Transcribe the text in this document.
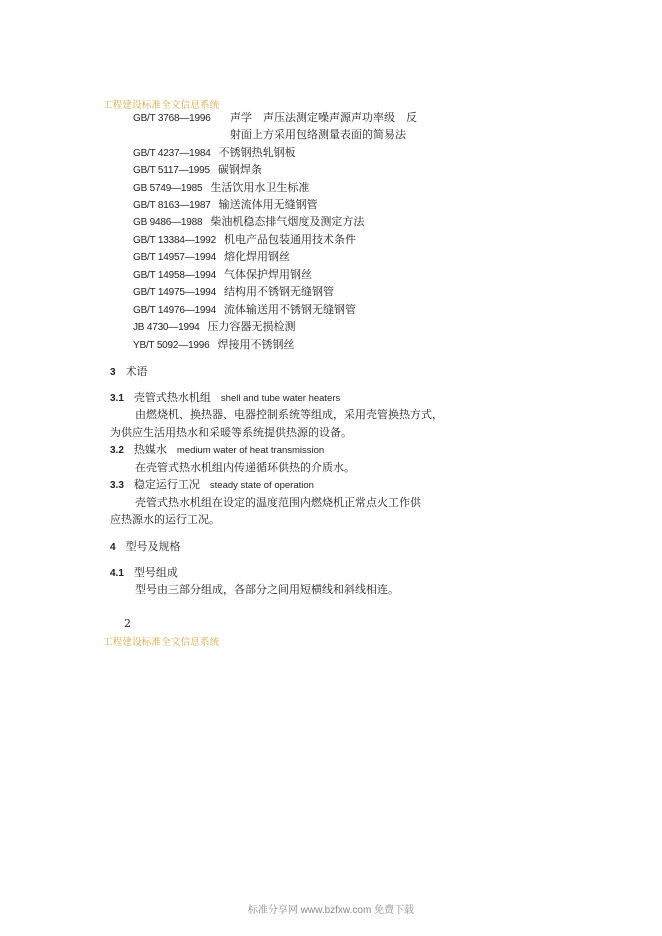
工程建设标准全文信息系统
GB/T 3768—1996 声学　声压法测定噪声源声功率级　反
GB/T 4237—1984 不锈钢热轧钢板
GB/T 5117—1995 碳钢焊条
GB 5749—1985 生活饮用水卫生标准
GB/T 8163—1987 输送流体用无缝钢管
GB 9486—1988 柴油机稳态排气烟度及测定方法
GB/T 13384—1992 机电产品包装通用技术条件
GB/T 14957—1994 熔化焊用钢丝
GB/T 14958—1994 气体保护焊用钢丝
GB/T 14975—1994 结构用不锈钢无缝钢管
GB/T 14976—1994 流体输送用不锈钢无缝钢管
JB 4730—1994 压力容器无损检测
YB/T 5092—1996 焊接用不锈钢丝
射面上方采用包络测量表面的简易法
3 术语
3.1 壳管式热水机组 shell and tube water heaters
由燃烧机、换热器、电器控制系统等组成，采用壳管换热方式，
为供应生活用热水和采暖等系统提供热源的设备。
3.2 热媒水 medium water of heat transmission
在壳管式热水机组内传递循环供热的介质水。
3.3 稳定运行工况 steady state of operation
壳管式热水机组在设定的温度范围内燃烧机正常点火工作供
应热源水的运行工况。
4 型号及规格
4.1 型号组成
型号由三部分组成，各部分之间用短横线和斜线相连。
2
工程建设标准全文信息系统
标准分享网 www.bzfxw.com 免费下载
